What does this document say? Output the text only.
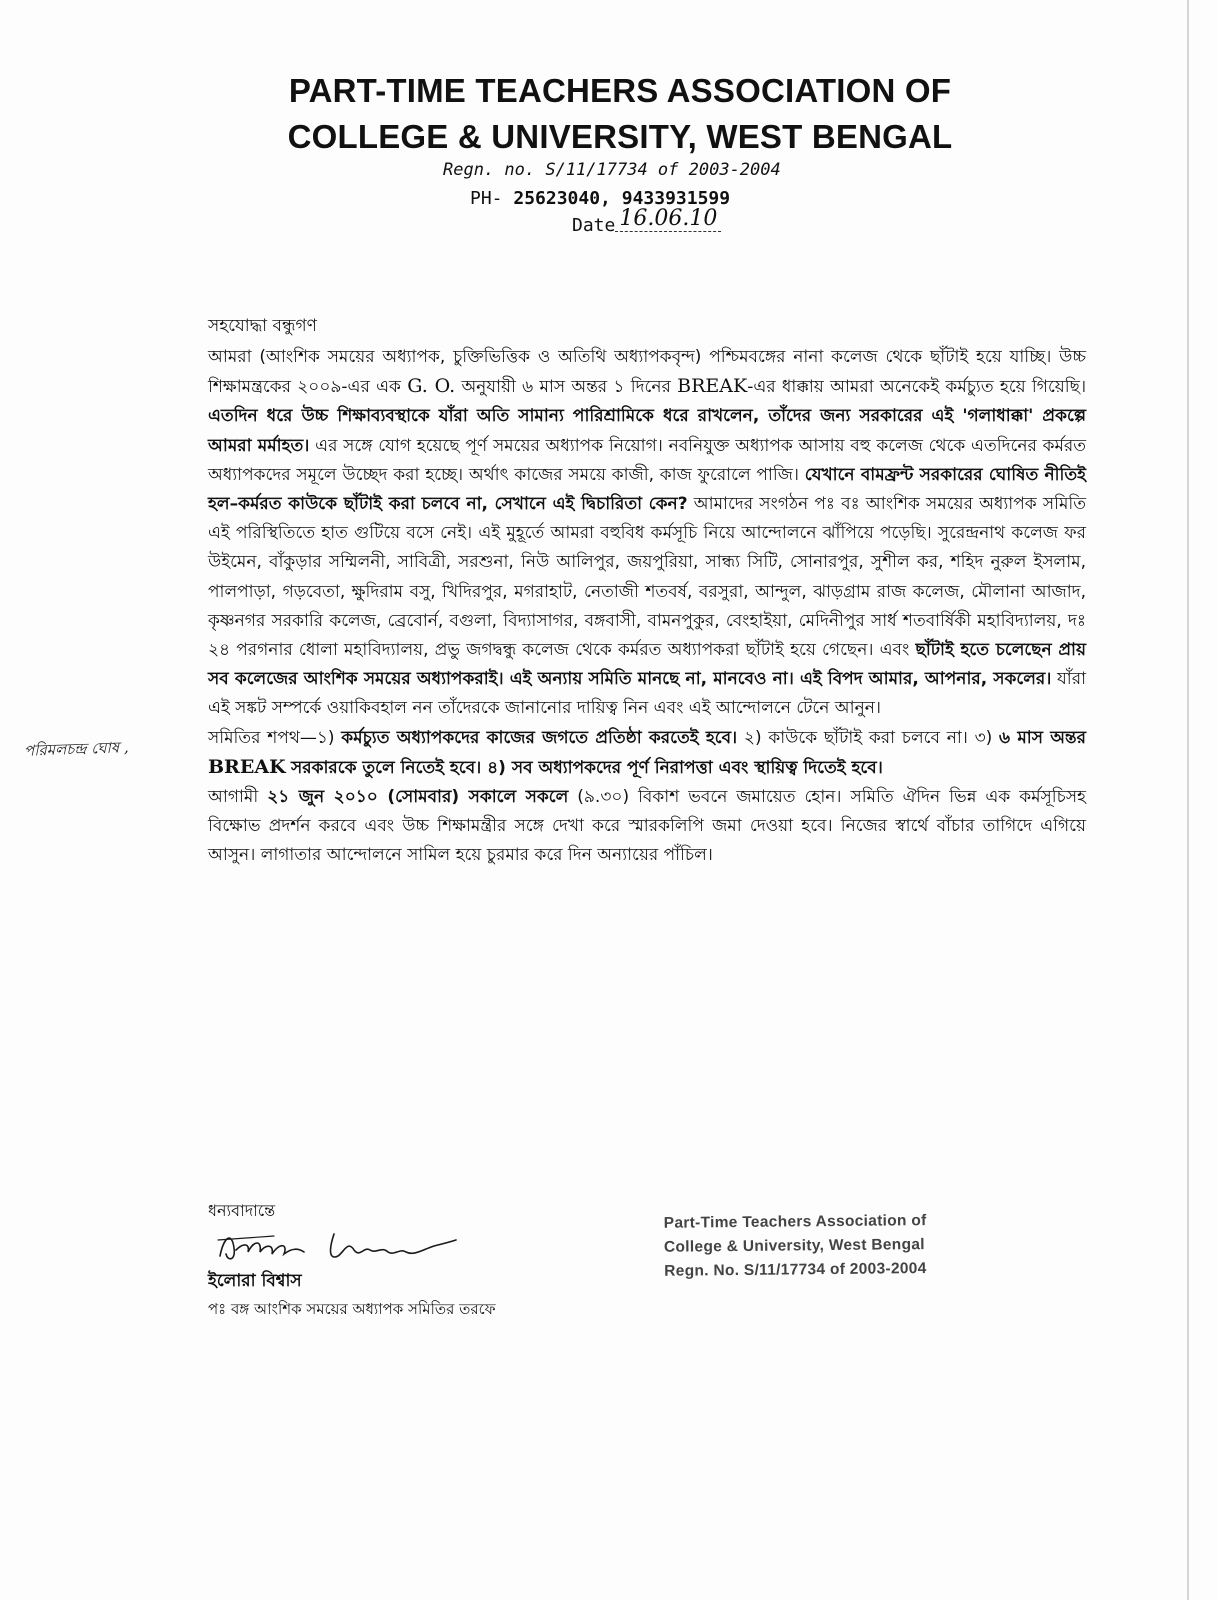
PART-TIME TEACHERS ASSOCIATION OF
COLLEGE & UNIVERSITY, WEST BENGAL
Regn. no. S/11/17734 of 2003-2004
PH- 25623040, 9433931599
Date 16.06.10
সহযোদ্ধা বন্ধুগণ

আমরা (আংশিক সময়ের অধ্যাপক, চুক্তিভিত্তিক ও অতিথি অধ্যাপকবৃন্দ) পশ্চিমবঙ্গের নানা কলেজ থেকে ছাঁটাই হয়ে যাচ্ছি। উচ্চ শিক্ষামন্ত্রকের ২০০৯-এর এক G. O. অনুযায়ী ৬ মাস অন্তর ১ দিনের BREAK-এর ধাক্কায় আমরা অনেকেই কর্মচ্যুত হয়ে গিয়েছি। এতদিন ধরে উচ্চ শিক্ষাব্যবস্থাকে যাঁরা অতি সামান্য পারিশ্রামিকে ধরে রাখলেন, তাঁদের জন্য সরকারের এই 'গলাধাক্কা' প্রকল্পে আমরা মর্মাহত। এর সঙ্গে যোগ হয়েছে পূর্ণ সময়ের অধ্যাপক নিয়োগ। নবনিযুক্ত অধ্যাপক আসায় বহু কলেজ থেকে এতদিনের কর্মরত অধ্যাপকদের সমূলে উচ্ছেদ করা হচ্ছে। অর্থাৎ কাজের সময়ে কাজী, কাজ ফুরোলে পাজি। যেখানে বামফ্রন্ট সরকারের ঘোষিত নীতিই হল–কর্মরত কাউকে ছাঁটাই করা চলবে না, সেখানে এই দ্বিচারিতা কেন? আমাদের সংগঠন পঃ বঃ আংশিক সময়ের অধ্যাপক সমিতি এই পরিস্থিতিতে হাত গুটিয়ে বসে নেই। এই মুহূর্তে আমরা বহুবিধ কর্মসূচি নিয়ে আন্দোলনে ঝাঁপিয়ে পড়েছি। সুরেন্দ্রনাথ কলেজ ফর উইমেন, বাঁকুড়ার সম্মিলনী, সাবিত্রী, সরশুনা, নিউ আলিপুর, জয়পুরিয়া, সান্ধ্য সিটি, সোনারপুর, সুশীল কর, শহিদ নুরুল ইসলাম, পালপাড়া, গড়বেতা, ক্ষুদিরাম বসু, খিদিরপুর, মগরাহাট, নেতাজী শতবর্ষ, বরসুরা, আন্দুল, ঝাড়গ্রাম রাজ কলেজ, মৌলানা আজাদ, কৃষ্ণনগর সরকারি কলেজ, ব্রেবোর্ন, বগুলা, বিদ্যাসাগর, বঙ্গবাসী, বামনপুকুর, বেংহাইয়া, মেদিনীপুর সার্ধ শতবার্ষিকী মহাবিদ্যালয়, দঃ ২৪ পরগনার ধোলা মহাবিদ্যালয়, প্রভু জগদ্বন্ধু কলেজ থেকে কর্মরত অধ্যাপকরা ছাঁটাই হয়ে গেছেন। এবং ছাঁটাই হতে চলেছেন প্রায় সব কলেজের আংশিক সময়ের অধ্যাপকরাই। এই অন্যায় সমিতি মানছে না, মানবেও না। এই বিপদ আমার, আপনার, সকলের। যাঁরা এই সঙ্কট সম্পর্কে ওয়াকিবহাল নন তাঁদেরকে জানানোর দায়িত্ব নিন এবং এই আন্দোলনে টেনে আনুন।

সমিতির শপথ—১) কর্মচ্যুত অধ্যাপকদের কাজের জগতে প্রতিষ্ঠা করতেই হবে। ২) কাউকে ছাঁটাই করা চলবে না। ৩) ৬ মাস অন্তর BREAK সরকারকে তুলে নিতেই হবে। ৪) সব অধ্যাপকদের পূর্ণ নিরাপত্তা এবং স্থায়িত্ব দিতেই হবে।

আগামী ২১ জুন ২০১০ (সোমবার) সকালে সকলে (৯.৩০) বিকাশ ভবনে জমায়েত হোন। সমিতি ঐদিন ভিন্ন এক কর্মসূচিসহ বিক্ষোভ প্রদর্শন করবে এবং উচ্চ শিক্ষামন্ত্রীর সঙ্গে দেখা করে স্মারকলিপি জমা দেওয়া হবে। নিজের স্বার্থে বাঁচার তাগিদে এগিয়ে আসুন। লাগাতার আন্দোলনে সামিল হয়ে চুরমার করে দিন অন্যায়ের পাঁচিল।

পরিমলচন্দ্র ঘোষ ,
ধন্যবাদান্তে
ইলোরা বিশ্বাস
পঃ বঙ্গ আংশিক সময়ের অধ্যাপক সমিতির তরফে
Part-Time Teachers Association of
College & University, West Bengal
Regn. No. S/11/17734 of 2003-2004
